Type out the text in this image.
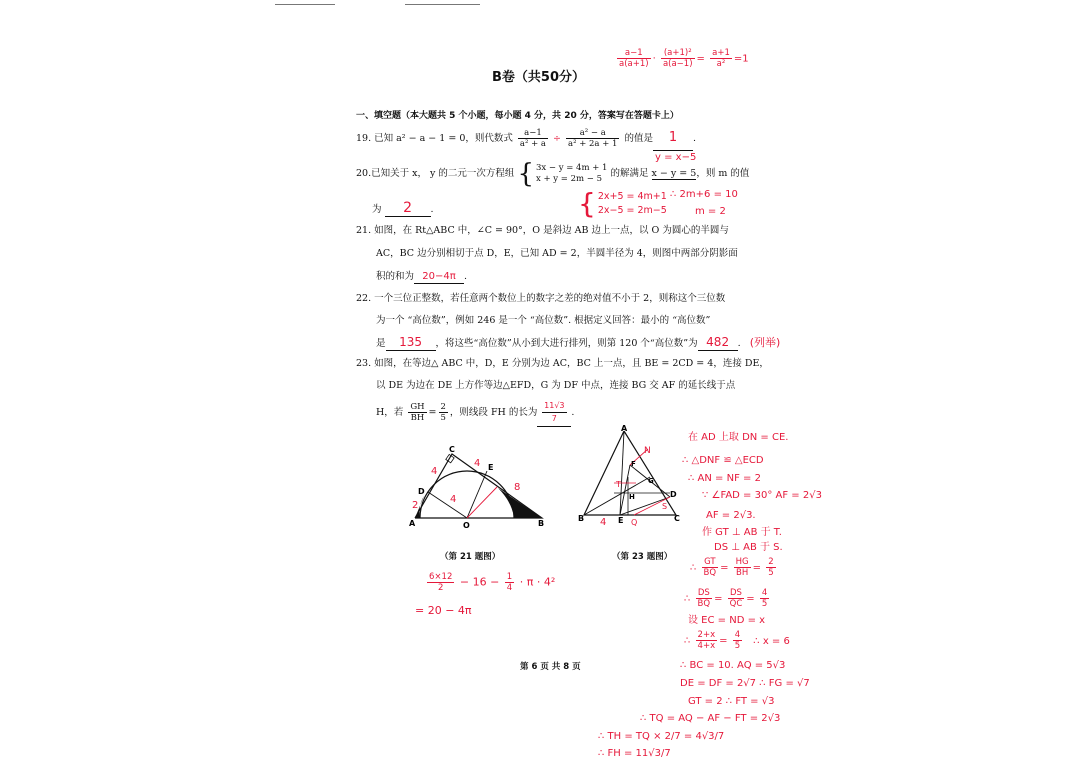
B卷（共50分）
$\frac{a-1}{a(a+1)} \cdot \frac{\text{(a+1)²}}{a(a-1)} = \frac{a+1}{\text{a²}} =1$
一、填空题（本大题共 5 个小题，每小题 4 分，共 20 分，答案写在答题卡上）
19. 已知 a² − a − 1 = 0，则代数式 $\frac{a-1}{\text{a² + a}} \div \frac{\text{a² − a}}{\text{a² + 2a + 1}}$ 的值是 1 .
y = x−5
20.已知关于 x， y 的二元一次方程组 { 3x − y = 4m + 1
x + y = 2m − 5 的解满足 x − y = 5，则 m 的值
为 2 .	{ 2x+5 = 4m+1
2x−5 = 2m−5
∴ 2m+6 = 10
m = 2
21. 如图，在 Rt△ABC 中，∠C = 90°，O 是斜边 AB 边上一点，以 O 为圆心的半圆与
AC，BC 边分别相切于点 D，E，已知 AD = 2，半圆半径为 4，则图中两部分阴影面
积的和为 20−4π .
22. 一个三位正整数，若任意两个数位上的数字之差的绝对值不小于 2，则称这个三位数
为一个 “高位数”，例如 246 是一个 “高位数”. 根据定义回答：最小的 “高位数”
是 135 ，将这些“高位数”从小到大进行排列，则第 120 个“高位数”为 482 . (列举)
23. 如图，在等边△ ABC 中，D，E 分别为边 AC，BC 上一点，且 BE = 2CD = 4，连接 DE，
以 DE 为边在 DE 上方作等边△EFD，G 为 DF 中点，连接 BG 交 AF 的延长线于点
H，若 $\frac{GH}{BH} = \frac{2}{5}$ ，则线段 FH 的长为 $\frac{11√3}{7}$ .
C
E
D
A	O	B
4
4
2
4
8
（第 21 题图）
A
F
G
H	D
B	E	C
N
T
S
4	Q
（第 23 题图）
$\frac{6\times 12}{2} - 16 - \frac{1}{4} \cdot \pi \cdot 4^2$
= 20 − 4π
在 AD 上取 DN = CE.
∴ △DNF ≌ △ECD
∴ AN = NF = 2
∵ ∠FAD = 30° AF = 2√3
AF = 2√3.
作 GT ⊥ AB 于 T.
DS ⊥ AB 于 S.
∴ $\frac{GT}{BQ} = \frac{HG}{BH} = \frac{2}{5}$
∴ $\frac{DS}{BQ} = \frac{DS}{QC} = \frac{4}{5}$
设 EC = ND = x
∴ $\frac{2+x}{4+x} = \frac{4}{5}$ ∴ x = 6
∴ BC = 10. AQ = 5√3
DE = DF = 2√7 ∴ FG = √7
GT = 2 ∴ FT = √3
∴ TQ = AQ − AF − FT = 2√3
∴ TH = TQ × 2/7 = 4√3/7
∴ FH = 11√3/7
第 6 页 共 8 页
